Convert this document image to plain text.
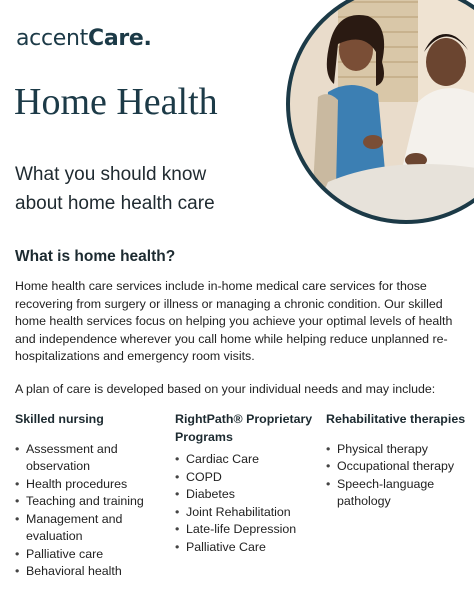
accentCare.
Home Health
What you should know about home health care
What is home health?

Home health care services include in-home medical care services for those recovering from surgery or illness or managing a chronic condition. Our skilled home health services focus on helping you achieve your optimal levels of health and independence wherever you call home while helping reduce unplanned re-hospitalizations and emergency room visits.

A plan of care is developed based on your individual needs and may include:

Skilled nursing
• Assessment and observation
• Health procedures
• Teaching and training
• Management and evaluation
• Palliative care
• Behavioral health
RightPath® Proprietary Programs
• Cardiac Care
• COPD
• Diabetes
• Joint Rehabilitation
• Late-life Depression
• Palliative Care
Rehabilitative therapies
• Physical therapy
• Occupational therapy
• Speech-language pathology
